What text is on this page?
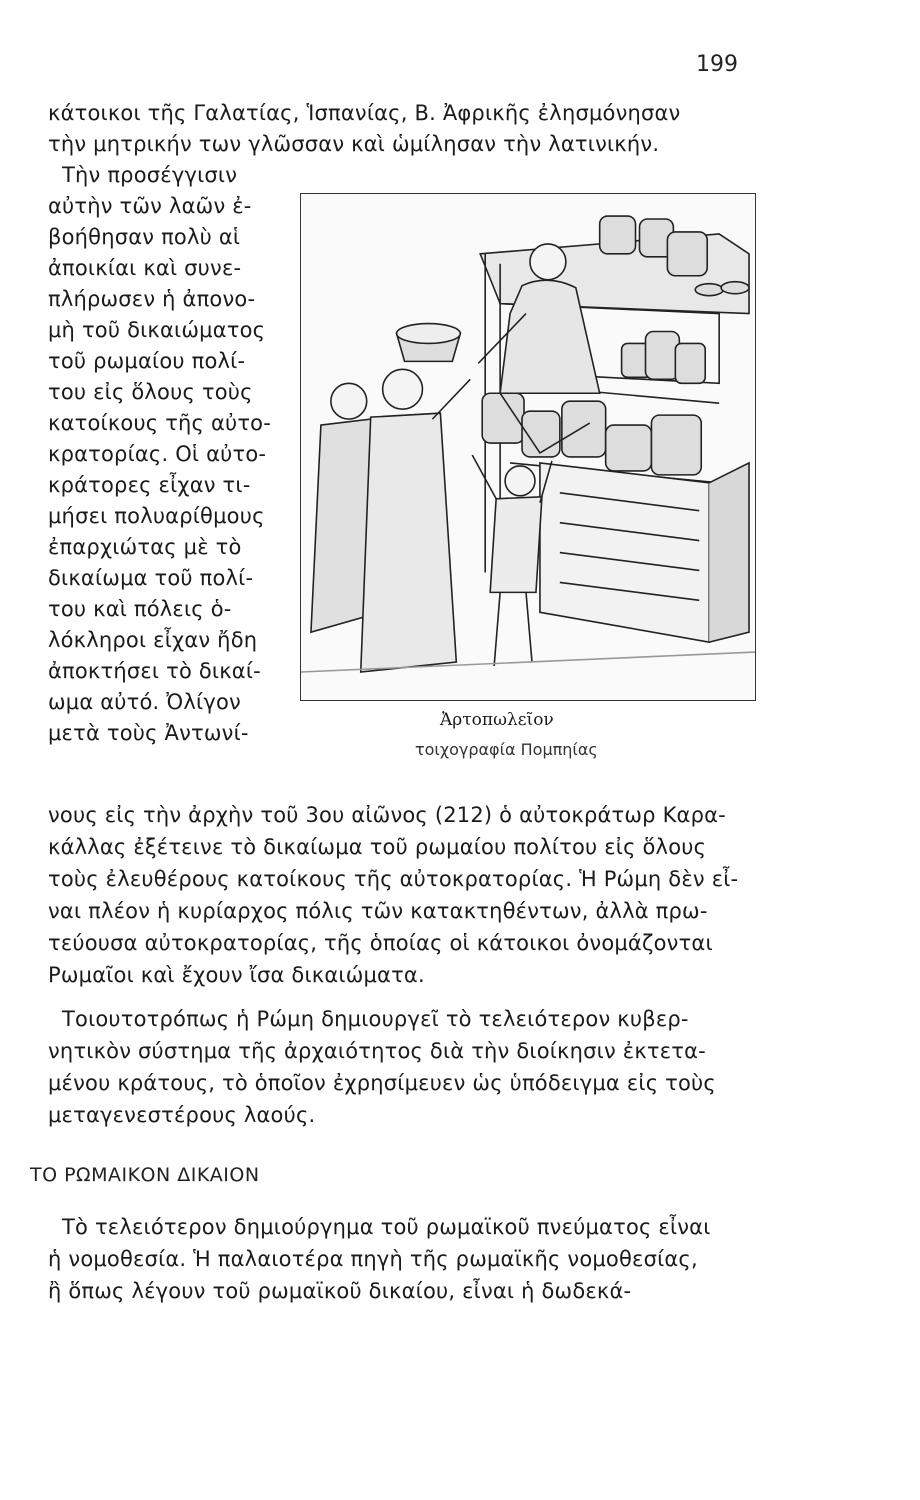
199
κάτοικοι τῆς Γαλατίας, Ἱσπανίας, Β. Ἀφρικῆς ἐλησμόνησαν
τὴν μητρικήν των γλῶσσαν καὶ ὡμίλησαν τὴν λατινικήν.
Τὴν προσέγγισιν
αὐτὴν τῶν λαῶν ἐ-
βοήθησαν πολὺ αἱ
ἀποικίαι καὶ συνε-
πλήρωσεν ἡ ἀπονο-
μὴ τοῦ δικαιώματος
τοῦ ρωμαίου πολί-
του εἰς ὅλους τοὺς
κατοίκους τῆς αὐτο-
κρατορίας. Οἱ αὐτο-
κράτορες εἶχαν τι-
μήσει πολυαρίθμους
ἐπαρχιώτας μὲ τὸ
δικαίωμα τοῦ πολί-
του καὶ πόλεις ὁ-
λόκληροι εἶχαν ἤδη
ἀποκτήσει τὸ δικαί-
ωμα αὐτό. Ὀλίγον
μετὰ τοὺς Ἀντωνί-
Ἀρτοπωλεῖον
τοιχογραφία Πομπηίας
νους εἰς τὴν ἀρχὴν τοῦ 3ου αἰῶνος (212) ὁ αὐτοκράτωρ Καρα-
κάλλας ἐξέτεινε τὸ δικαίωμα τοῦ ρωμαίου πολίτου εἰς ὅλους
τοὺς ἐλευθέρους κατοίκους τῆς αὐτοκρατορίας. Ἡ Ρώμη δὲν εἶ-
ναι πλέον ἡ κυρίαρχος πόλις τῶν κατακτηθέντων, ἀλλὰ πρω-
τεύουσα αὐτοκρατορίας, τῆς ὁποίας οἱ κάτοικοι ὀνομάζονται
Ρωμαῖοι καὶ ἔχουν ἴσα δικαιώματα.
Τοιουτοτρόπως ἡ Ρώμη δημιουργεῖ τὸ τελειότερον κυβερ-
νητικὸν σύστημα τῆς ἀρχαιότητος διὰ τὴν διοίκησιν ἐκτετα-
μένου κράτους, τὸ ὁποῖον ἐχρησίμευεν ὡς ὑπόδειγμα εἰς τοὺς
μεταγενεστέρους λαούς.
ΤΟ ΡΩΜΑΙΚΟΝ ΔΙΚΑΙΟΝ
Τὸ τελειότερον δημιούργημα τοῦ ρωμαϊκοῦ πνεύματος εἶναι
ἡ νομοθεσία. Ἡ παλαιοτέρα πηγὴ τῆς ρωμαϊκῆς νομοθεσίας,
ἢ ὅπως λέγουν τοῦ ρωμαϊκοῦ δικαίου, εἶναι ἡ δωδεκά-
